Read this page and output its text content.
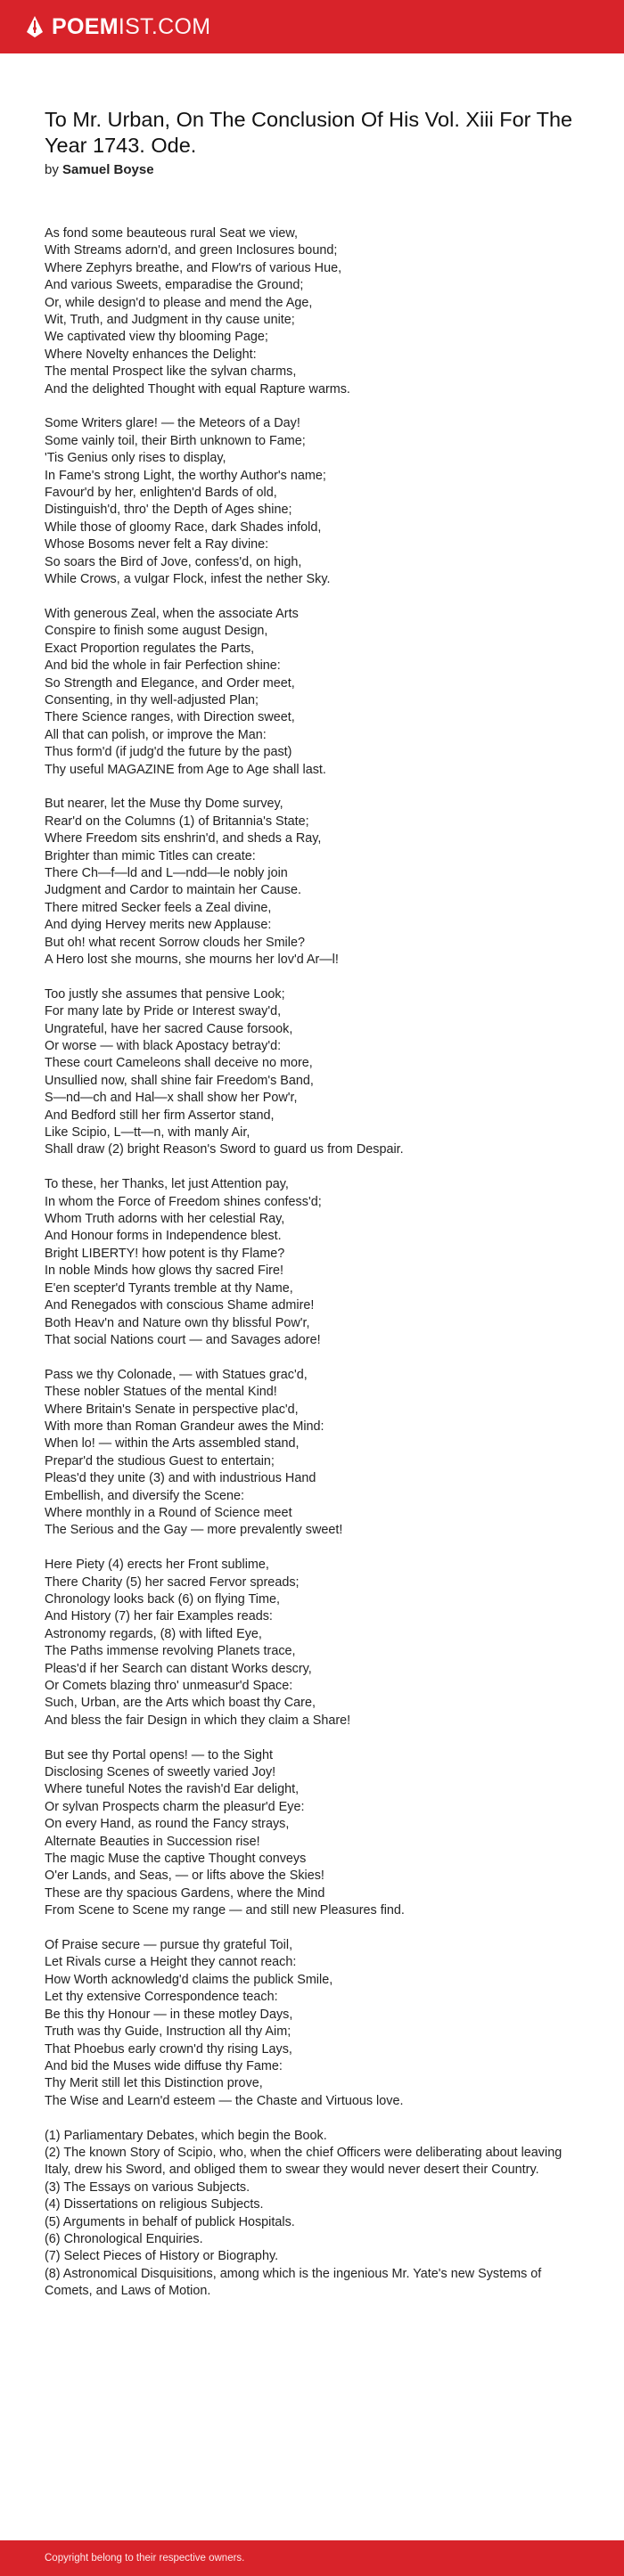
POEMIST.COM
To Mr. Urban, On The Conclusion Of His Vol. Xiii For The Year 1743. Ode.
by Samuel Boyse
As fond some beauteous rural Seat we view,
With Streams adorn'd, and green Inclosures bound;
Where Zephyrs breathe, and Flow'rs of various Hue,
And various Sweets, emparadise the Ground;
Or, while design'd to please and mend the Age,
Wit, Truth, and Judgment in thy cause unite;
We captivated view thy blooming Page;
Where Novelty enhances the Delight:
The mental Prospect like the sylvan charms,
And the delighted Thought with equal Rapture warms.
Some Writers glare! — the Meteors of a Day!
Some vainly toil, their Birth unknown to Fame;
'Tis Genius only rises to display,
In Fame's strong Light, the worthy Author's name;
Favour'd by her, enlighten'd Bards of old,
Distinguish'd, thro' the Depth of Ages shine;
While those of gloomy Race, dark Shades infold,
Whose Bosoms never felt a Ray divine:
So soars the Bird of Jove, confess'd, on high,
While Crows, a vulgar Flock, infest the nether Sky.
With generous Zeal, when the associate Arts
Conspire to finish some august Design,
Exact Proportion regulates the Parts,
And bid the whole in fair Perfection shine:
So Strength and Elegance, and Order meet,
Consenting, in thy well-adjusted Plan;
There Science ranges, with Direction sweet,
All that can polish, or improve the Man:
Thus form'd (if judg'd the future by the past)
Thy useful MAGAZINE from Age to Age shall last.
But nearer, let the Muse thy Dome survey,
Rear'd on the Columns (1) of Britannia's State;
Where Freedom sits enshrin'd, and sheds a Ray,
Brighter than mimic Titles can create:
There Ch—f—ld and L—ndd—le nobly join
Judgment and Cardor to maintain her Cause.
There mitred Secker feels a Zeal divine,
And dying Hervey merits new Applause:
But oh! what recent Sorrow clouds her Smile?
A Hero lost she mourns, she mourns her lov'd Ar—l!
Too justly she assumes that pensive Look;
For many late by Pride or Interest sway'd,
Ungrateful, have her sacred Cause forsook,
Or worse — with black Apostacy betray'd:
These court Cameleons shall deceive no more,
Unsullied now, shall shine fair Freedom's Band,
S—nd—ch and Hal—x shall show her Pow'r,
And Bedford still her firm Assertor stand,
Like Scipio, L—tt—n, with manly Air,
Shall draw (2) bright Reason's Sword to guard us from Despair.
To these, her Thanks, let just Attention pay,
In whom the Force of Freedom shines confess'd;
Whom Truth adorns with her celestial Ray,
And Honour forms in Independence blest.
Bright LIBERTY! how potent is thy Flame?
In noble Minds how glows thy sacred Fire!
E'en scepter'd Tyrants tremble at thy Name,
And Renegados with conscious Shame admire!
Both Heav'n and Nature own thy blissful Pow'r,
That social Nations court — and Savages adore!
Pass we thy Colonade, — with Statues grac'd,
These nobler Statues of the mental Kind!
Where Britain's Senate in perspective plac'd,
With more than Roman Grandeur awes the Mind:
When lo! — within the Arts assembled stand,
Prepar'd the studious Guest to entertain;
Pleas'd they unite (3) and with industrious Hand
Embellish, and diversify the Scene:
Where monthly in a Round of Science meet
The Serious and the Gay — more prevalently sweet!
Here Piety (4) erects her Front sublime,
There Charity (5) her sacred Fervor spreads;
Chronology looks back (6) on flying Time,
And History (7) her fair Examples reads:
Astronomy regards, (8) with lifted Eye,
The Paths immense revolving Planets trace,
Pleas'd if her Search can distant Works descry,
Or Comets blazing thro' unmeasur'd Space:
Such, Urban, are the Arts which boast thy Care,
And bless the fair Design in which they claim a Share!
But see thy Portal opens! — to the Sight
Disclosing Scenes of sweetly varied Joy!
Where tuneful Notes the ravish'd Ear delight,
Or sylvan Prospects charm the pleasur'd Eye:
On every Hand, as round the Fancy strays,
Alternate Beauties in Succession rise!
The magic Muse the captive Thought conveys
O'er Lands, and Seas, — or lifts above the Skies!
These are thy spacious Gardens, where the Mind
From Scene to Scene my range — and still new Pleasures find.
Of Praise secure — pursue thy grateful Toil,
Let Rivals curse a Height they cannot reach:
How Worth acknowledg'd claims the publick Smile,
Let thy extensive Correspondence teach:
Be this thy Honour — in these motley Days,
Truth was thy Guide, Instruction all thy Aim;
That Phoebus early crown'd thy rising Lays,
And bid the Muses wide diffuse thy Fame:
Thy Merit still let this Distinction prove,
The Wise and Learn'd esteem — the Chaste and Virtuous love.
(1) Parliamentary Debates, which begin the Book.
(2) The known Story of Scipio, who, when the chief Officers were deliberating about leaving Italy, drew his Sword, and obliged them to swear they would never desert their Country.
(3) The Essays on various Subjects.
(4) Dissertations on religious Subjects.
(5) Arguments in behalf of publick Hospitals.
(6) Chronological Enquiries.
(7) Select Pieces of History or Biography.
(8) Astronomical Disquisitions, among which is the ingenious Mr. Yate's new Systems of Comets, and Laws of Motion.
Copyright belong to their respective owners.
